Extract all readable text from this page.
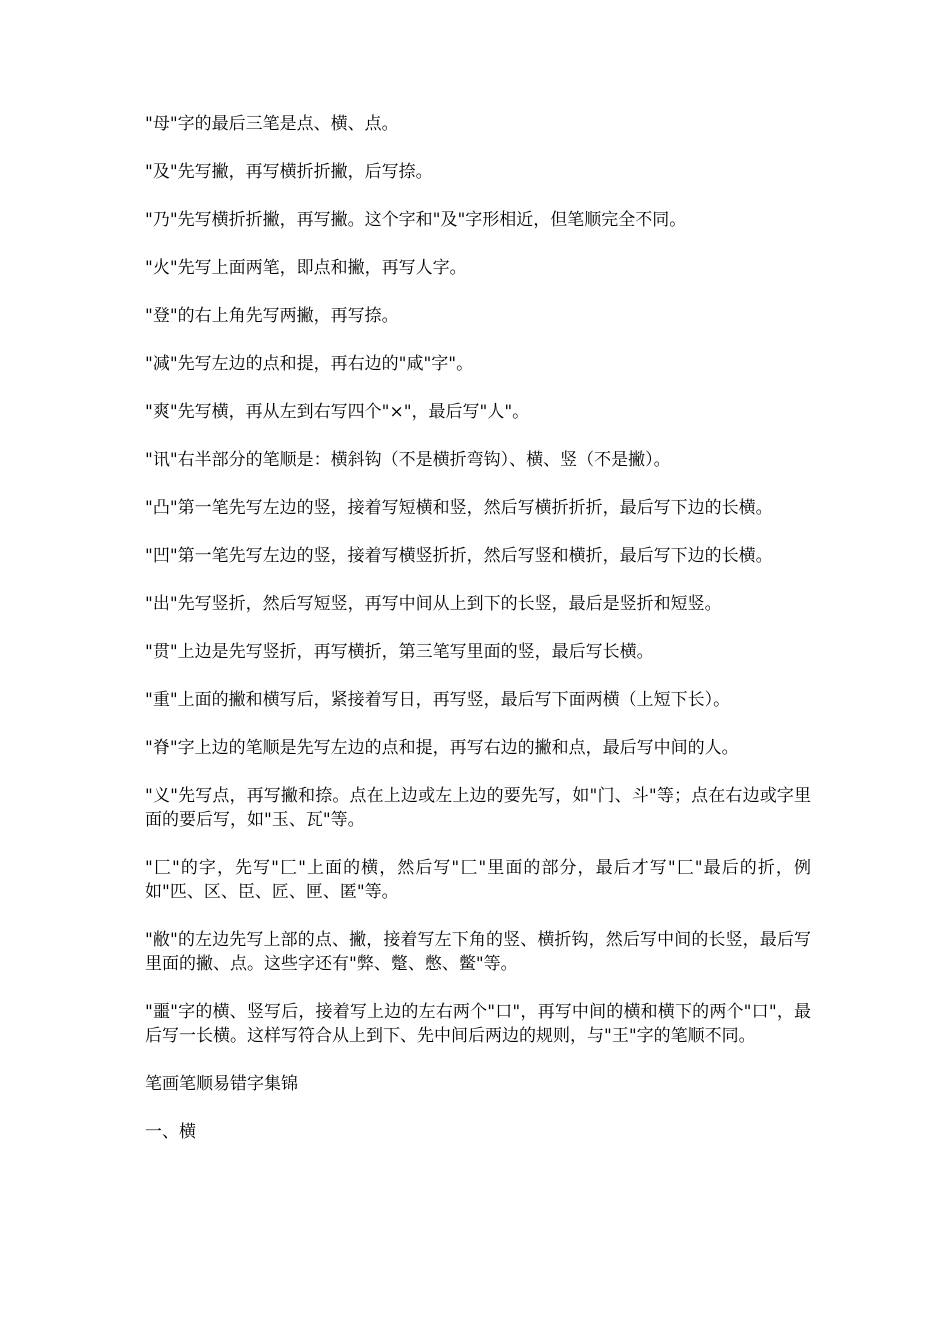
"母"字的最后三笔是点、横、点。

"及"先写撇，再写横折折撇，后写捺。

"乃"先写横折折撇，再写撇。这个字和"及"字形相近，但笔顺完全不同。

"火"先写上面两笔，即点和撇，再写人字。

"登"的右上角先写两撇，再写捺。

"减"先写左边的点和提，再右边的"咸"字"。

"爽"先写横，再从左到右写四个"×"，最后写"人"。

"讯"右半部分的笔顺是：横斜钩（不是横折弯钩）、横、竖（不是撇）。

"凸"第一笔先写左边的竖，接着写短横和竖，然后写横折折折，最后写下边的长横。

"凹"第一笔先写左边的竖，接着写横竖折折，然后写竖和横折，最后写下边的长横。

"出"先写竖折，然后写短竖，再写中间从上到下的长竖，最后是竖折和短竖。

"贯"上边是先写竖折，再写横折，第三笔写里面的竖，最后写长横。

"重"上面的撇和横写后，紧接着写日，再写竖，最后写下面两横（上短下长）。

"脊"字上边的笔顺是先写左边的点和提，再写右边的撇和点，最后写中间的人。

"义"先写点，再写撇和捺。点在上边或左上边的要先写，如"门、斗"等；点在右边或字里面的要后写，如"玉、瓦"等。

"匚"的字，先写"匚"上面的横，然后写"匚"里面的部分，最后才写"匚"最后的折，例如"匹、区、臣、匠、匣、匿"等。

"敝"的左边先写上部的点、撇，接着写左下角的竖、横折钩，然后写中间的长竖，最后写里面的撇、点。这些字还有"弊、蹩、憋、鳖"等。

"噩"字的横、竖写后，接着写上边的左右两个"口"，再写中间的横和横下的两个"口"，最后写一长横。这样写符合从上到下、先中间后两边的规则，与"王"字的笔顺不同。

笔画笔顺易错字集锦

一、横
